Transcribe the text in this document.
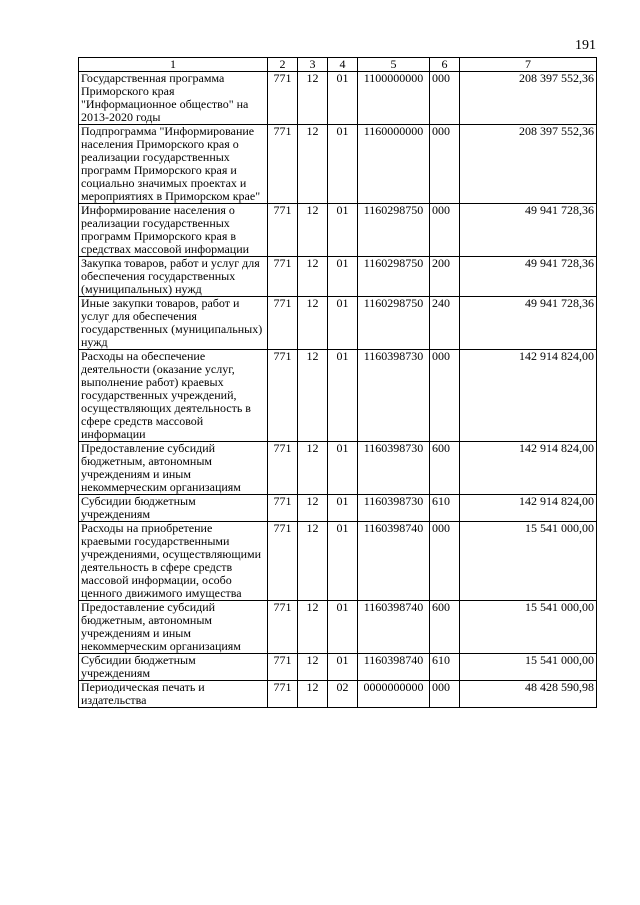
191
1	2	3	4	5	6	7
Государственная программа Приморского края "Информационное общество" на 2013-2020 годы	771	12	01	1100000000	000	208 397 552,36
Подпрограмма "Информирование населения Приморского края о реализации государственных программ Приморского края и социально значимых проектах и мероприятиях в Приморском крае"	771	12	01	1160000000	000	208 397 552,36
Информирование населения о реализации государственных программ Приморского края в средствах массовой информации	771	12	01	1160298750	000	49 941 728,36
Закупка товаров, работ и услуг для обеспечения государственных (муниципальных) нужд	771	12	01	1160298750	200	49 941 728,36
Иные закупки товаров, работ и услуг для обеспечения государственных (муниципальных) нужд	771	12	01	1160298750	240	49 941 728,36
Расходы на обеспечение деятельности (оказание услуг, выполнение работ) краевых государственных учреждений, осуществляющих деятельность в сфере средств массовой информации	771	12	01	1160398730	000	142 914 824,00
Предоставление субсидий бюджетным, автономным учреждениям и иным некоммерческим организациям	771	12	01	1160398730	600	142 914 824,00
Субсидии бюджетным учреждениям	771	12	01	1160398730	610	142 914 824,00
Расходы на приобретение краевыми государственными учреждениями, осуществляющими деятельность в сфере средств массовой информации, особо ценного движимого имущества	771	12	01	1160398740	000	15 541 000,00
Предоставление субсидий бюджетным, автономным учреждениям и иным некоммерческим организациям	771	12	01	1160398740	600	15 541 000,00
Субсидии бюджетным учреждениям	771	12	01	1160398740	610	15 541 000,00
Периодическая печать и издательства	771	12	02	0000000000	000	48 428 590,98
